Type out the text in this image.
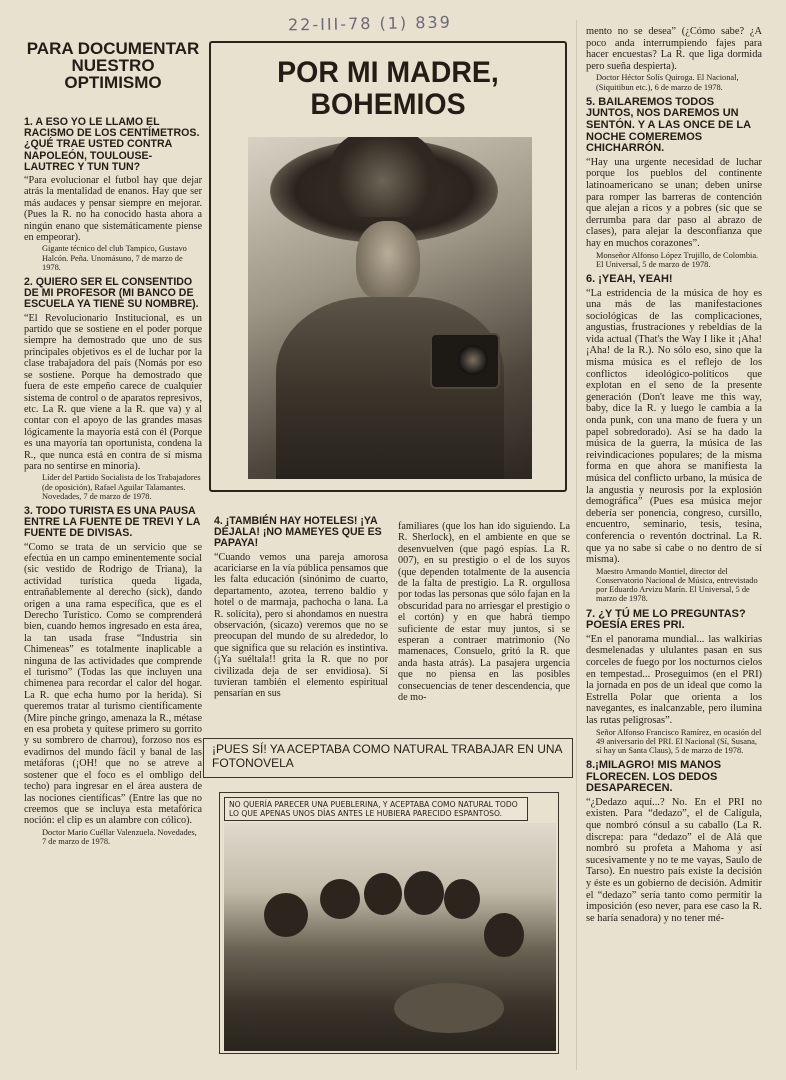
22-III-78 (1) 839
PARA DOCUMENTAR NUESTRO OPTIMISMO
1. A ESO YO LE LLAMO EL RACISMO DE LOS CENTÍMETROS. ¿QUÉ TRAE USTED CONTRA NAPOLEÓN, TOULOUSE-LAUTREC Y TUN TUN?
“Para evolucionar el futbol hay que dejar atrás la mentalidad de enanos. Hay que ser más audaces y pensar siempre en mejorar. (Pues la R. no ha conocido hasta ahora a ningún enano que sistemáticamente piense en empeorar).
Gigante técnico del club Tampico, Gustavo Halcón. Peña. Unomásuno, 7 de marzo de 1978.
2. QUIERO SER EL CONSENTIDO DE MI PROFESOR (MI BANCO DE ESCUELA YA TIENE SU NOMBRE).
“El Revolucionario Institucional, es un partido que se sostiene en el poder porque siempre ha demostrado que uno de sus principales objetivos es el de luchar por la clase trabajadora del país (Nomás por eso se sostiene. Porque ha demostrado que fuera de este empeño carece de cualquier sistema de control o de aparatos represivos, etc. La R. que viene a la R. que va) y al contar con el apoyo de las grandes masas lógicamente la mayoría está con él (Porque es una mayoría tan oportunista, condena la R., que nunca está en contra de sí misma para no sentirse en minoría).
Líder del Partido Socialista de los Trabajadores (de oposición), Rafael Aguilar Talamantes. Novedades, 7 de marzo de 1978.
3. TODO TURISTA ES UNA PAUSA ENTRE LA FUENTE DE TREVI Y LA FUENTE DE DIVISAS.
“Como se trata de un servicio que se efectúa en un campo eminentemente social (sic vestido de Rodrigo de Triana), la actividad turística queda ligada, entrañablemente al derecho (sick), dando origen a una rama específica, que es el Derecho Turístico. Como se comprenderá bien, cuando hemos ingresado en esta área, la tan usada frase “Industria sin Chimeneas” es totalmente inaplicable a ninguna de las actividades que comprende el turismo” (Todas las que incluyen una chimenea para recordar el calor del hogar. La R. que echa humo por la herida). Si queremos tratar al turismo científicamente (Mire pinche gringo, amenaza la R., métase en esa probeta y quítese primero su gorrito y su sombrero de charrou), forzoso nos es evadirnos del mundo fácil y banal de las metáforas (¡OH! que no se atreve a sostener que el foco es el ombligo del techo) para ingresar en el área austera de las nociones científicas” (Entre las que no creemos que se incluya esta metafórica noción: el clip es un alambre con cólico).
Doctor Mario Cuéllar Valenzuela. Novedades, 7 de marzo de 1978.
POR MI MADRE,
BOHEMIOS
4. ¡TAMBIÉN HAY HOTELES! ¡YA DÉJALA! ¡NO MAMEYES QUE ES PAPAYA!
“Cuando vemos una pareja amorosa acariciarse en la vía pública pensamos que les falta educación (sinónimo de cuarto, departamento, azotea, terreno baldío y hotel o de marmaja, pachocha o lana. La R. solícita), pero si ahondamos en nuestra observación, (sicazo) veremos que no se preocupan del mundo de su alrededor, lo que significa que su relación es instintiva. (¡Ya suéltala!! grita la R. que no por civilizada deja de ser envidiosa). Si tuvieran también el elemento espiritual pensarían en sus
familiares (que los han ido siguiendo. La R. Sherlock), en el ambiente en que se desenvuelven (que pagó espías. La R. 007), en su prestigio o el de los suyos (que dependen totalmente de la ausencia de la falta de prestigio. La R. orgullosa por todas las personas que sólo fajan en la obscuridad para no arriesgar el prestigio o el cortón) y en que habrá tiempo suficiente de estar muy juntos, si se esperan a contraer matrimonio (No mamenaces, Consuelo, gritó la R. que anda hasta atrás). La pasajera urgencia que no piensa en las posibles consecuencias de tener descendencia, que de mo-
¡PUES SÍ! YA ACEPTABA COMO NATURAL TRABAJAR EN UNA FOTONOVELA
NO QUERÍA PARECER UNA PUEBLERINA, Y ACEPTABA COMO NATURAL TODO LO QUE APENAS UNOS DÍAS ANTES LE HUBIERA PARECIDO ESPANTOSO.
mento no se desea” (¿Cómo sabe? ¿A poco anda interrumpiendo fajes para hacer encuestas? La R. que liga dormida pero sueña despierta).
Doctor Héctor Solís Quiroga. El Nacional, (Siquitibun etc.), 6 de marzo de 1978.
5. BAILAREMOS TODOS JUNTOS, NOS DAREMOS UN SENTÓN. Y A LAS ONCE DE LA NOCHE COMEREMOS CHICHARRÓN.
“Hay una urgente necesidad de luchar porque los pueblos del continente latinoamericano se unan; deben unirse para romper las barreras de contención que alejan a ricos y a pobres (sic que se derrumba para dar paso al abrazo de clases), para alejar la desconfianza que hay en muchos corazones”.
Monseñor Alfonso López Trujillo, de Colombia. El Universal, 5 de marzo de 1978.
6. ¡YEAH, YEAH!
“La estridencia de la música de hoy es una más de las manifestaciones sociológicas de las complicaciones, angustias, frustraciones y rebeldías de la vida actual (That's the Way I like it ¡Aha! ¡Aha! de la R.). No sólo eso, sino que la misma música es el reflejo de los conflictos ideológico-políticos que explotan en el seno de la presente generación (Don't leave me this way, baby, dice la R. y luego le cambia a la onda punk, con una mano de fuera y un papel sobredorado). Así se ha dado la música de la guerra, la música de las reivindicaciones populares; de la misma forma en que ahora se manifiesta la música del conflicto urbano, la música de la angustia y neurosis por la explosión demográfica” (Pues esa música mejor debería ser ponencia, congreso, cursillo, encuentro, seminario, tesis, tesina, conferencia o reventón doctrinal. La R. que ya no sabe si cabe o no dentro de sí misma).
Maestro Armando Montiel, director del Conservatorio Nacional de Música, entrevistado por Eduardo Arvizu Marín. El Universal, 5 de marzo de 1978.
7. ¿Y TÚ ME LO PREGUNTAS? POESÍA ERES PRI.
“En el panorama mundial... las walkirias desmelenadas y ululantes pasan en sus corceles de fuego por los nocturnos cielos en tempestad... Proseguimos (en el PRI) la jornada en pos de un ideal que como la Estrella Polar que orienta a los navegantes, es inalcanzable, pero ilumina las rutas peligrosas”.
Señor Alfonso Francisco Ramírez, en ocasión del 49 aniversario del PRI. El Nacional (Sí, Susana, sí hay un Santa Claus), 5 de marzo de 1978.
8.¡MILAGRO! MIS MANOS FLORECEN. LOS DEDOS DESAPARECEN.
“¿Dedazo aquí...? No. En el PRI no existen. Para “dedazo”, el de Calígula, que nombró cónsul a su caballo (La R. discrepa: para “dedazo” el de Alá que nombró su profeta a Mahoma y así sucesivamente y no te me vayas, Saulo de Tarso). En nuestro país existe la decisión y éste es un gobierno de decisión. Admitir el “dedazo” sería tanto como permitir la imposición (eso never, para ese caso la R. se haría senadora) y no tener mé-
